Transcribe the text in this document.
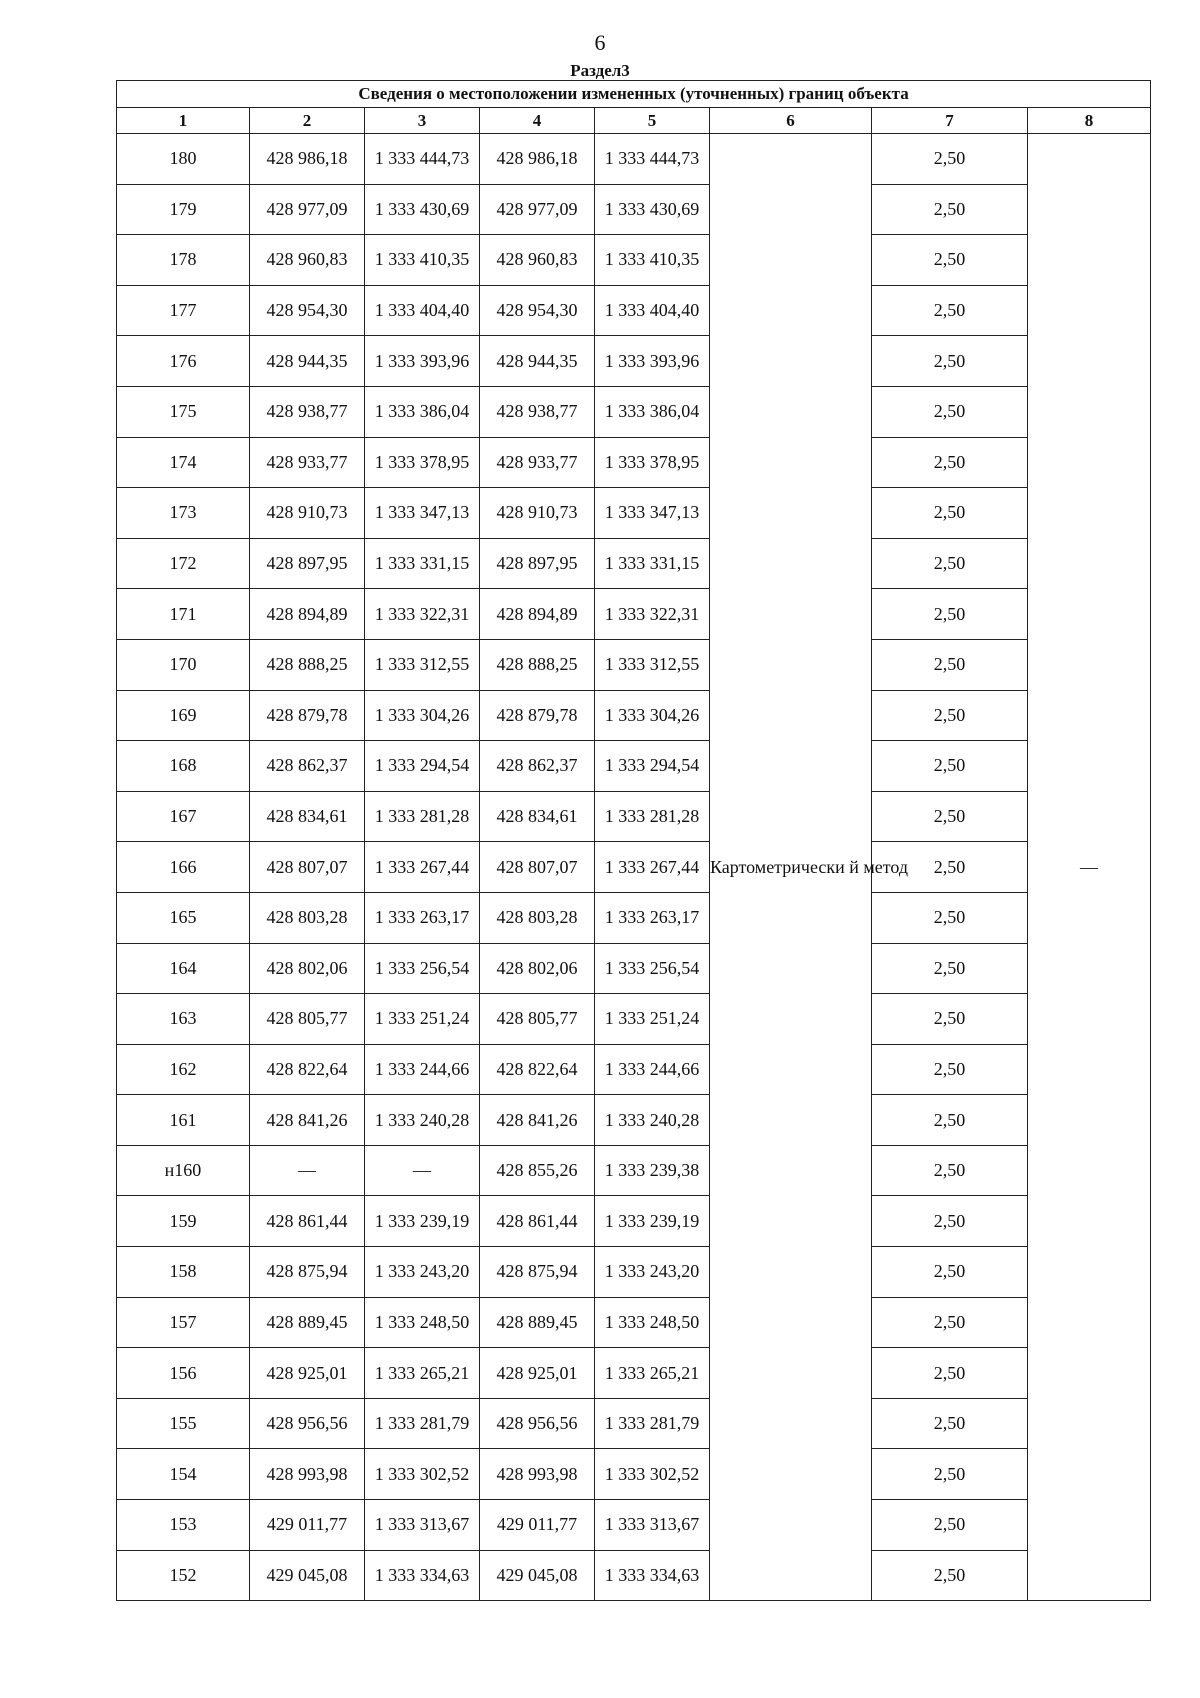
6
Раздел3
Сведения о местоположении измененных (уточненных) границ объекта							
1	2	3	4	5	6	7	8
180	428 986,18	1 333 444,73	428 986,18	1 333 444,73	Картометрически й метод	2,50	—
179	428 977,09	1 333 430,69	428 977,09	1 333 430,69		2,50	
178	428 960,83	1 333 410,35	428 960,83	1 333 410,35		2,50	
177	428 954,30	1 333 404,40	428 954,30	1 333 404,40		2,50	
176	428 944,35	1 333 393,96	428 944,35	1 333 393,96		2,50	
175	428 938,77	1 333 386,04	428 938,77	1 333 386,04		2,50	
174	428 933,77	1 333 378,95	428 933,77	1 333 378,95		2,50	
173	428 910,73	1 333 347,13	428 910,73	1 333 347,13		2,50	
172	428 897,95	1 333 331,15	428 897,95	1 333 331,15		2,50	
171	428 894,89	1 333 322,31	428 894,89	1 333 322,31		2,50	
170	428 888,25	1 333 312,55	428 888,25	1 333 312,55		2,50	
169	428 879,78	1 333 304,26	428 879,78	1 333 304,26		2,50	
168	428 862,37	1 333 294,54	428 862,37	1 333 294,54		2,50	
167	428 834,61	1 333 281,28	428 834,61	1 333 281,28		2,50	
166	428 807,07	1 333 267,44	428 807,07	1 333 267,44		2,50	
165	428 803,28	1 333 263,17	428 803,28	1 333 263,17		2,50	
164	428 802,06	1 333 256,54	428 802,06	1 333 256,54		2,50	
163	428 805,77	1 333 251,24	428 805,77	1 333 251,24		2,50	
162	428 822,64	1 333 244,66	428 822,64	1 333 244,66		2,50	
161	428 841,26	1 333 240,28	428 841,26	1 333 240,28		2,50	
н160	—	—	428 855,26	1 333 239,38		2,50	
159	428 861,44	1 333 239,19	428 861,44	1 333 239,19		2,50	
158	428 875,94	1 333 243,20	428 875,94	1 333 243,20		2,50	
157	428 889,45	1 333 248,50	428 889,45	1 333 248,50		2,50	
156	428 925,01	1 333 265,21	428 925,01	1 333 265,21		2,50	
155	428 956,56	1 333 281,79	428 956,56	1 333 281,79		2,50	
154	428 993,98	1 333 302,52	428 993,98	1 333 302,52		2,50	
153	429 011,77	1 333 313,67	429 011,77	1 333 313,67		2,50	
152	429 045,08	1 333 334,63	429 045,08	1 333 334,63		2,50	
